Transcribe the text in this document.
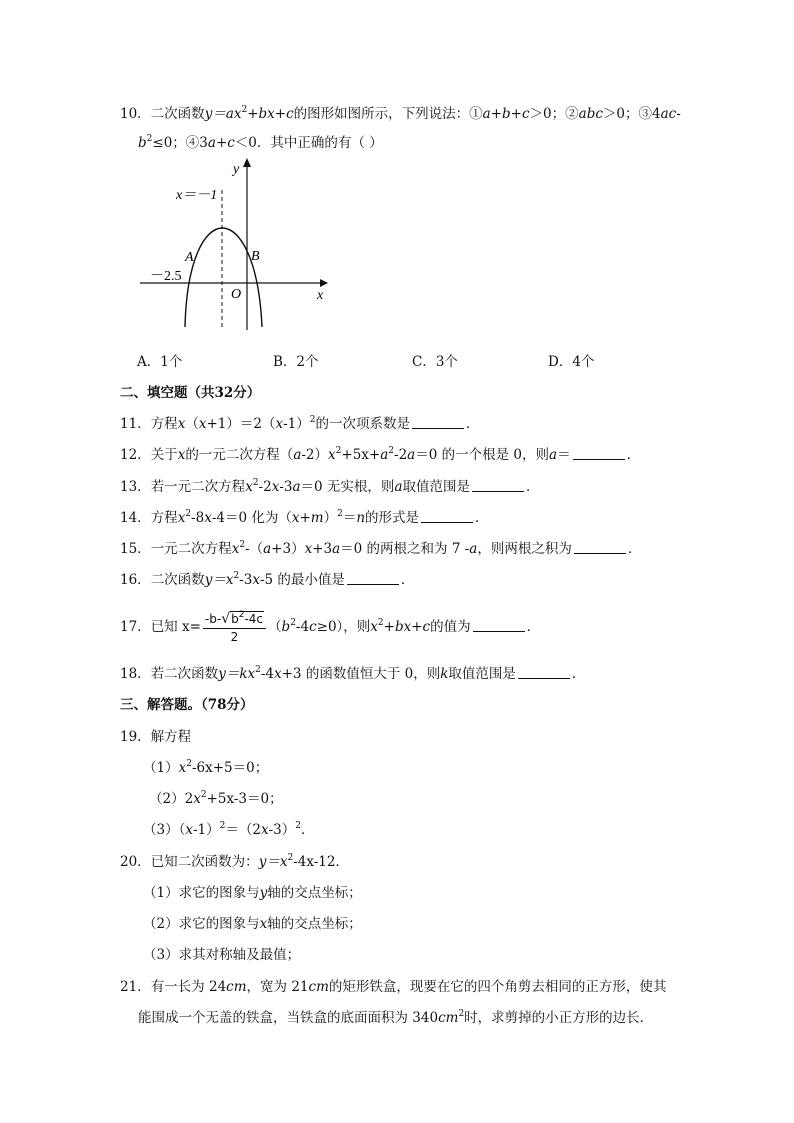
10．二次函数$y=ax^2+bx+c$的图形如图所示，下列说法：①a+b+c＞0；②abc＞0；③4ac-
$b^2\le 0$；④3a+c＜0．其中正确的有（ ）
y
x
x＝－1
A	B
O
－2.5
A．1个	B．2个	C．3个	D．4个
二、填空题（共32分）
11．方程$x(x+1)=2(x-1)^2$的一次项系数是	．
12．关于x的一元二次方程$(a-2)x^2+5x+a^2-2a=0$ 的一个根是 0，则a＝	．
13．若一元二次方程$x^2-2x-3a=0$ 无实根，则a取值范围是	．
14．方程$x^2-8x-4=0$ 化为$(x+m)^2=n$的形式是	．
15．一元二次方程$x^2-(a+3)x+3a=0$ 的两根之和为 7 -a，则两根之积为	．
16．二次函数$y=x^2-3x-5$ 的最小值是	．
17．已知 $x= \frac{-b-√b^2-4c}{2} (b^2-4c\ge 0)$，则$x^2+bx+c$的值为	．
18．若二次函数$y=kx^2-4x+3$ 的函数值恒大于 0，则k取值范围是	．
三、解答题。（78分）
19．解方程
$(1)x^2-6x+5=0$；
$(2)2x^2+5x-3=0$；
$(3)(x-1)^2=(2x-3)^2$．
20．已知二次函数为：$y=x^2-4x-12$．
（1）求它的图象与y轴的交点坐标；
（2）求它的图象与x轴的交点坐标；
（3）求其对称轴及最值；
21．有一长为 24cm，宽为 21cm的矩形铁盒，现要在它的四个角剪去相同的正方形，使其
能围成一个无盖的铁盒，当铁盒的底面面积为 $340cm^2$时，求剪掉的小正方形的边长．
